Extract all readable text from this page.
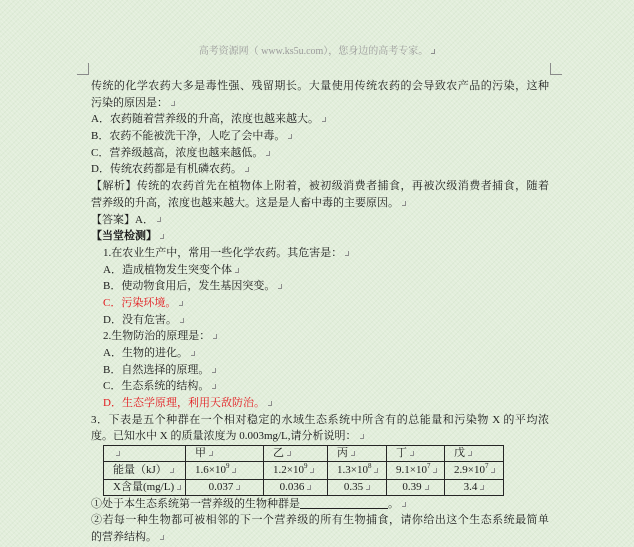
高考资源网（ www.ks5u.com），您身边的高考专家。
传统的化学农药大多是毒性强、残留期长。大量使用传统农药的会导致农产品的污染，这种
污染的原因是：
A．农药随着营养级的升高，浓度也越来越大。
B．农药不能被洗干净，人吃了会中毒。
C．营养级越高，浓度也越来越低。
D．传统农药都是有机磷农药。
【解析】传统的农药首先在植物体上附着，被初级消费者捕食，再被次级消费者捕食，随着
营养级的升高，浓度也越来越大。这是是人畜中毒的主要原因。
【答案】A．
【当堂检测】
1.在农业生产中，常用一些化学农药。其危害是：
A．造成植物发生突变个体
B．使动物食用后，发生基因突变。
C．污染环境。
D．没有危害。
2.生物防治的原理是：
A．生物的进化。
B．自然选择的原理。
C．生态系统的结构。
D．生态学原理，利用天敌防治。
3．下表是五个种群在一个相对稳定的水域生态系统中所含有的总能量和污染物 X 的平均浓
度。已知水中 X 的质量浓度为 0.003mg/L,请分析说明：
	甲	乙	丙	丁	戊
能量（kJ）	$1.6\times 10^9$	$1.2\times 10^9$	$1.3\times 10^8$	$9.1\times 10^7$	$2.9\times 10^7$
X含量(mg/L)	0.037	0.036	0.35	0.39	3.4
①处于本生态系统第一营养级的生物种群是	。
②若每一种生物都可被相邻的下一个营养级的所有生物捕食，请你给出这个生态系统最简单
的营养结构。
